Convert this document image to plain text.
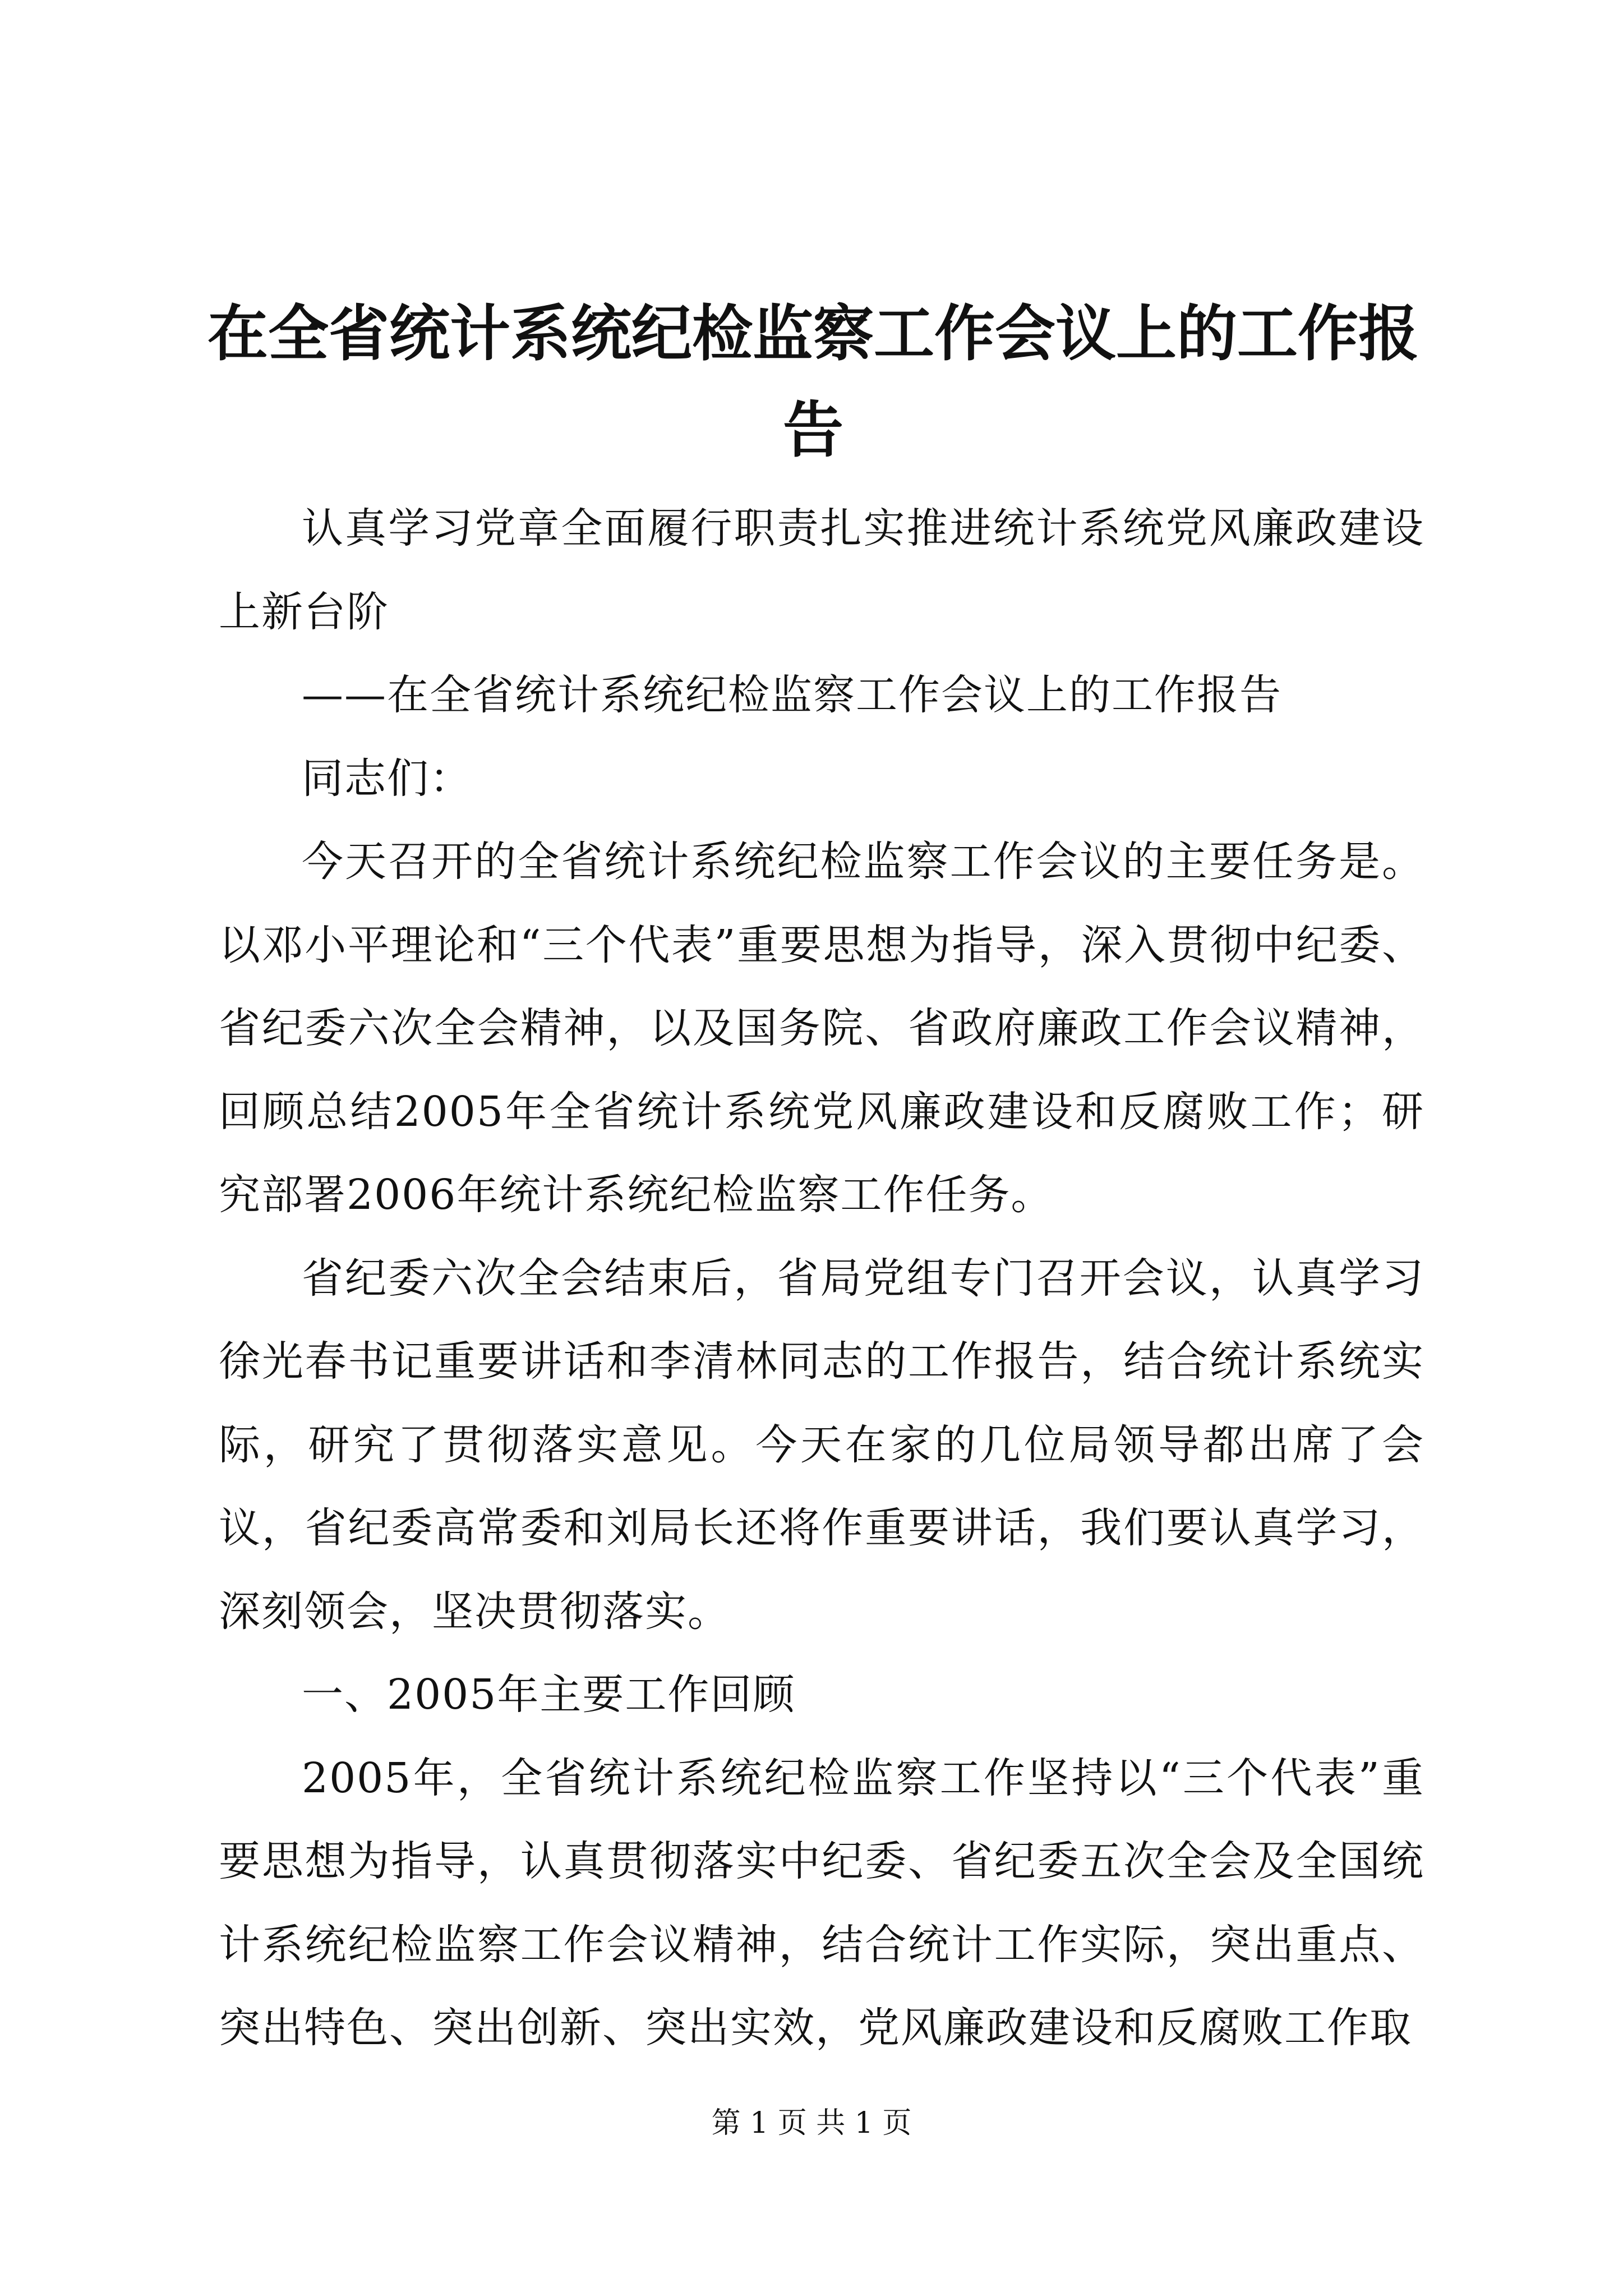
在全省统计系统纪检监察工作会议上的工作报告

认真学习党章全面履行职责扎实推进统计系统党风廉政建设上新台阶

——在全省统计系统纪检监察工作会议上的工作报告

同志们：

今天召开的全省统计系统纪检监察工作会议的主要任务是。以邓小平理论和“三个代表”重要思想为指导，深入贯彻中纪委、省纪委六次全会精神，以及国务院、省政府廉政工作会议精神，回顾总结2005年全省统计系统党风廉政建设和反腐败工作；研究部署2006年统计系统纪检监察工作任务。

省纪委六次全会结束后，省局党组专门召开会议，认真学习徐光春书记重要讲话和李清林同志的工作报告，结合统计系统实际，研究了贯彻落实意见。今天在家的几位局领导都出席了会议，省纪委高常委和刘局长还将作重要讲话，我们要认真学习，深刻领会，坚决贯彻落实。

一、2005年主要工作回顾

2005年，全省统计系统纪检监察工作坚持以“三个代表”重要思想为指导，认真贯彻落实中纪委、省纪委五次全会及全国统计系统纪检监察工作会议精神，结合统计工作实际，突出重点、突出特色、突出创新、突出实效，党风廉政建设和反腐败工作取

第 1 页 共 1 页
